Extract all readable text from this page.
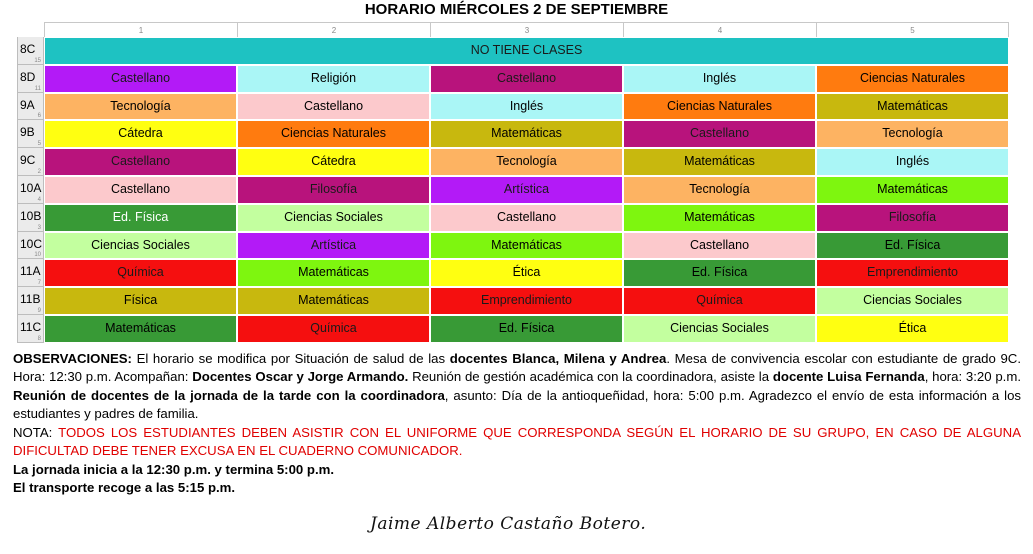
HORARIO MIÉRCOLES 2 DE SEPTIEMBRE
1	2	3	4	5
8C
15
NO TIENE CLASES
8D
11
Castellano	Religión	Castellano	Inglés	Ciencias Naturales
9A
6
Tecnología	Castellano	Inglés	Ciencias Naturales	Matemáticas
9B
5
Cátedra	Ciencias Naturales	Matemáticas	Castellano	Tecnología
9C
2
Castellano	Cátedra	Tecnología	Matemáticas	Inglés
10A
4
Castellano	Filosofía	Artística	Tecnología	Matemáticas
10B
3
Ed. Física	Ciencias Sociales	Castellano	Matemáticas	Filosofía
10C
10
Ciencias Sociales	Artística	Matemáticas	Castellano	Ed. Física
11A
7
Química	Matemáticas	Ética	Ed. Física	Emprendimiento
11B
9
Física	Matemáticas	Emprendimiento	Química	Ciencias Sociales
11C
8
Matemáticas	Química	Ed. Física	Ciencias Sociales	Ética

OBSERVACIONES: El horario se modifica por Situación de salud de las docentes Blanca, Milena y Andrea. Mesa de convivencia escolar con estudiante de grado 9C. Hora: 12:30 p.m. Acompañan: Docentes Oscar y Jorge Armando. Reunión de gestión académica con la coordinadora, asiste la docente Luisa Fernanda, hora: 3:20 p.m. Reunión de docentes de la jornada de la tarde con la coordinadora, asunto: Día de la antioqueñidad, hora: 5:00 p.m. Agradezco el envío de esta información a los estudiantes y padres de familia.

NOTA: TODOS LOS ESTUDIANTES DEBEN ASISTIR CON EL UNIFORME QUE CORRESPONDA SEGÚN EL HORARIO DE SU GRUPO, EN CASO DE ALGUNA DIFICULTAD DEBE TENER EXCUSA EN EL CUADERNO COMUNICADOR.

La jornada inicia a la 12:30 p.m. y termina 5:00 p.m.

El transporte recoge a las 5:15 p.m.

Jaime Alberto Castaño Botero.
